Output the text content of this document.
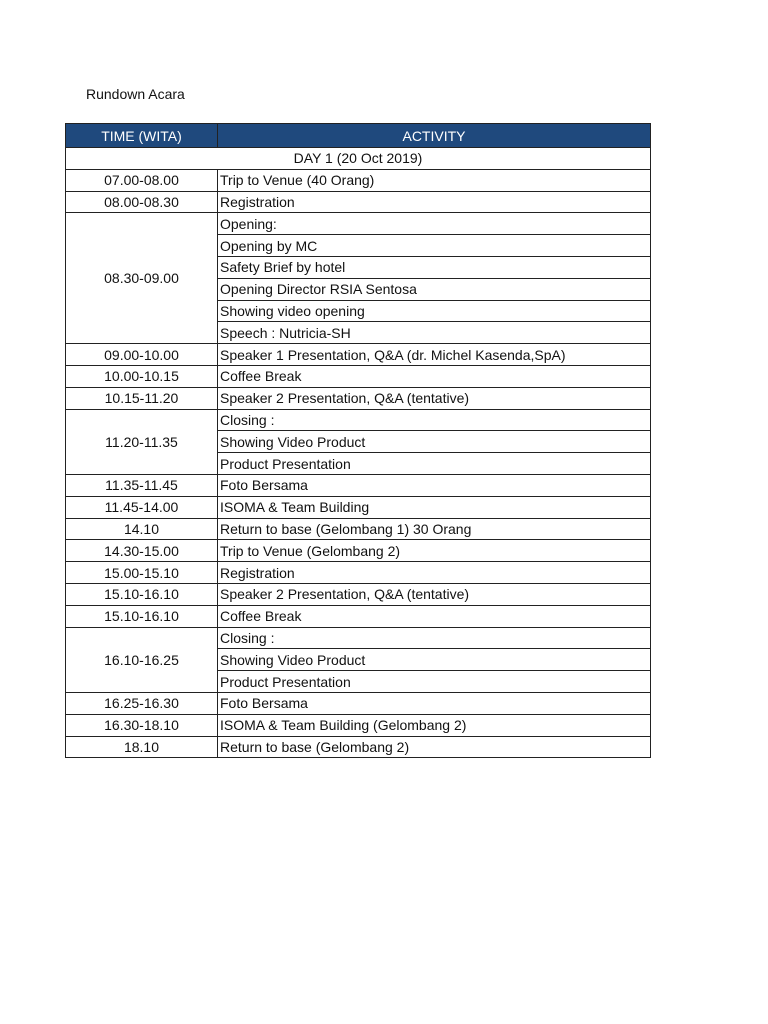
Rundown Acara
TIME (WITA)	ACTIVITY
DAY 1 (20 Oct 2019)	
07.00-08.00	Trip to Venue (40 Orang)
08.00-08.30	Registration
08.30-09.00	Opening:
	Opening by MC
	Safety Brief by hotel
	Opening Director RSIA Sentosa
	Showing video opening
	Speech : Nutricia-SH
09.00-10.00	Speaker 1 Presentation, Q&A (dr. Michel Kasenda,SpA)
10.00-10.15	Coffee Break
10.15-11.20	Speaker 2 Presentation, Q&A (tentative)
11.20-11.35	Closing :
	Showing Video Product
	Product Presentation
11.35-11.45	Foto Bersama
11.45-14.00	ISOMA & Team Building
14.10	Return to base (Gelombang 1) 30 Orang
14.30-15.00	Trip to Venue (Gelombang 2)
15.00-15.10	Registration
15.10-16.10	Speaker 2 Presentation, Q&A (tentative)
15.10-16.10	Coffee Break
16.10-16.25	Closing :
	Showing Video Product
	Product Presentation
16.25-16.30	Foto Bersama
16.30-18.10	ISOMA & Team Building (Gelombang 2)
18.10	Return to base (Gelombang 2)
